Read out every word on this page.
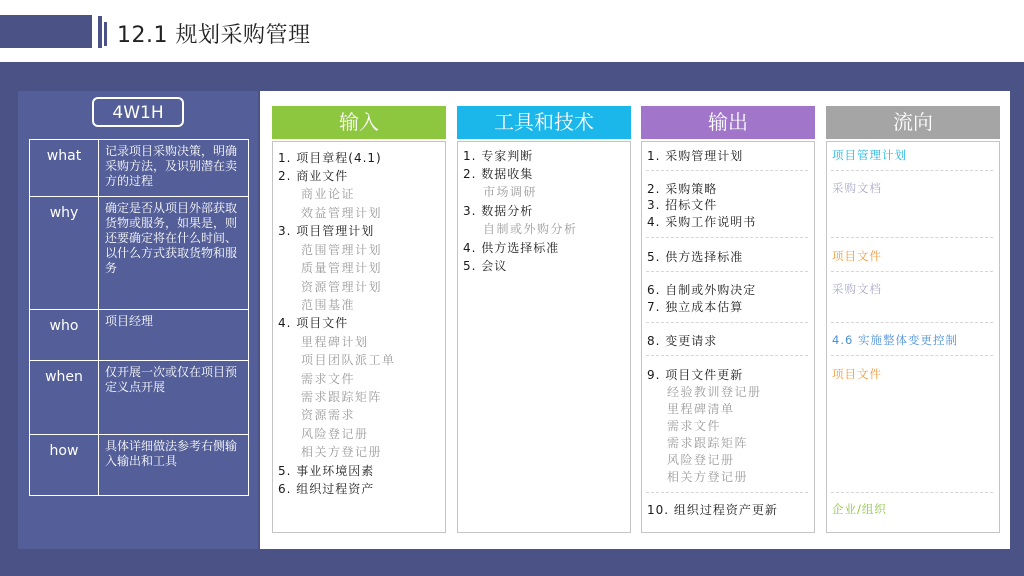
12.1 规划采购管理
4W1H
what	记录项目采购决策，明确采购方法，及识别潜在卖方的过程
why	确定是否从项目外部获取货物或服务，如果是，则还要确定将在什么时间、以什么方式获取货物和服务
who	项目经理
when	仅开展一次或仅在项目预定义点开展
how	具体详细做法参考右侧输入输出和工具
输入
1. 项目章程(4.1)
2. 商业文件
商业论证
效益管理计划
3. 项目管理计划
范围管理计划
质量管理计划
资源管理计划
范围基准
4. 项目文件
里程碑计划
项目团队派工单
需求文件
需求跟踪矩阵
资源需求
风险登记册
相关方登记册
5. 事业环境因素
6. 组织过程资产
工具和技术
1. 专家判断
2. 数据收集
市场调研
3. 数据分析
自制或外购分析
4. 供方选择标准
5. 会议
输出
1. 采购管理计划
2. 采购策略
3. 招标文件
4. 采购工作说明书
5. 供方选择标准
6. 自制或外购决定
7. 独立成本估算
8. 变更请求
9. 项目文件更新
经验教训登记册
里程碑清单
需求文件
需求跟踪矩阵
风险登记册
相关方登记册
10. 组织过程资产更新
流向
项目管理计划
采购文档
项目文件
采购文档
4.6 实施整体变更控制
项目文件
企业/组织
